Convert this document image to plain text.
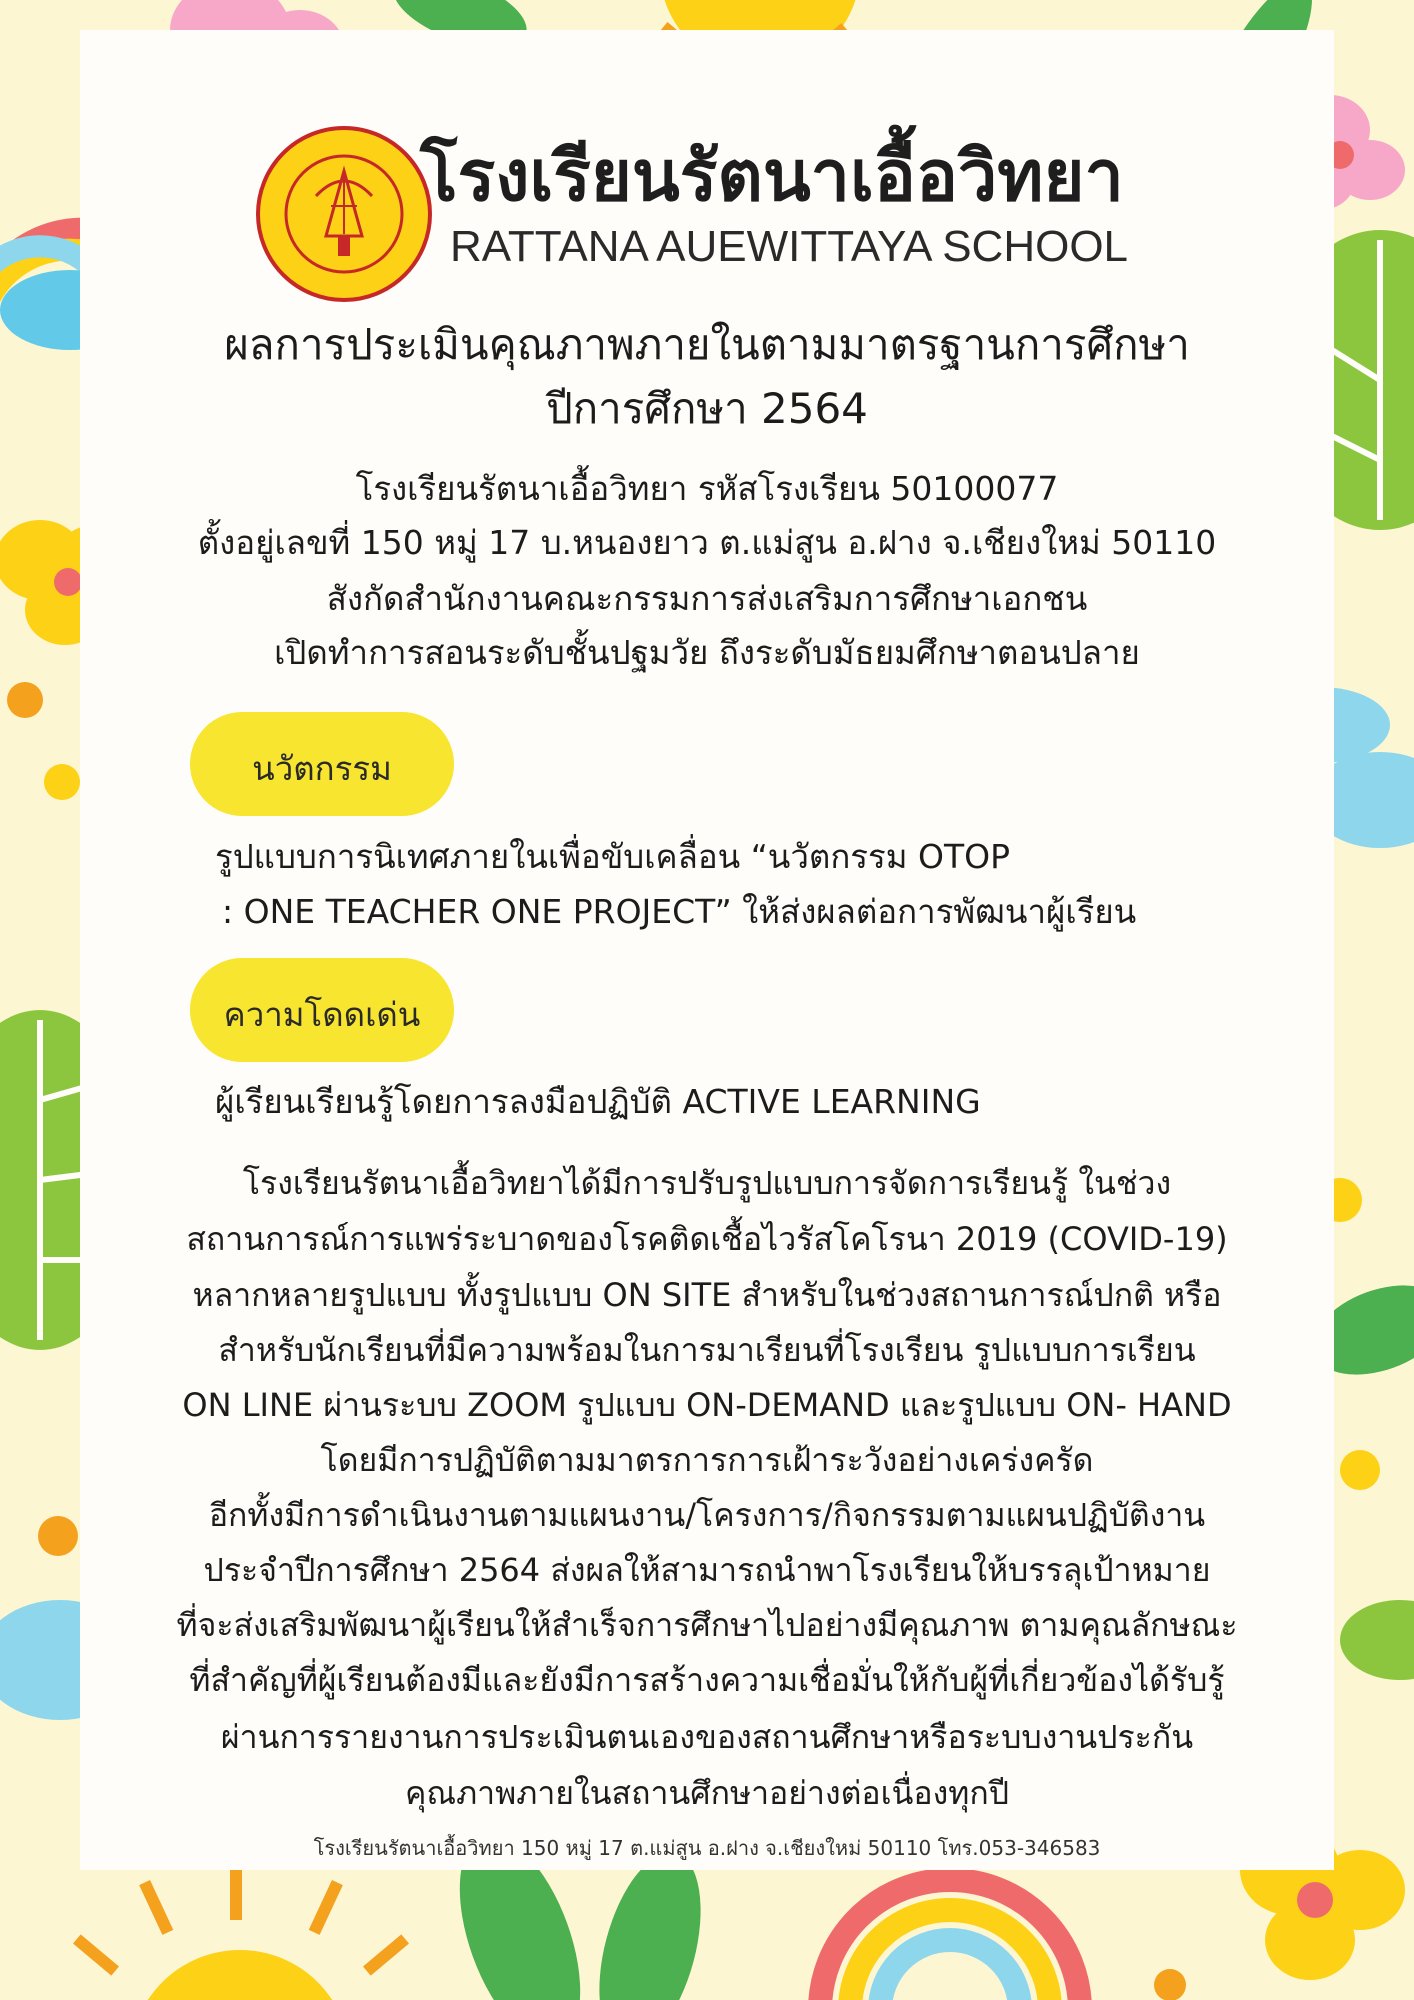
โรงเรียนรัตนาเอื้อวิทยา
RATTANA AUEWITTAYA SCHOOL
ผลการประเมินคุณภาพภายในตามมาตรฐานการศึกษา
ปีการศึกษา 2564
โรงเรียนรัตนาเอื้อวิทยา รหัสโรงเรียน 50100077
ตั้งอยู่เลขที่ 150 หมู่ 17 บ.หนองยาว ต.แม่สูน อ.ฝาง จ.เชียงใหม่ 50110
สังกัดสำนักงานคณะกรรมการส่งเสริมการศึกษาเอกชน
เปิดทำการสอนระดับชั้นปฐมวัย ถึงระดับมัธยมศึกษาตอนปลาย
นวัตกรรม
รูปแบบการนิเทศภายในเพื่อขับเคลื่อน “นวัตกรรม OTOP
: ONE TEACHER ONE PROJECT” ให้ส่งผลต่อการพัฒนาผู้เรียน
ความโดดเด่น
ผู้เรียนเรียนรู้โดยการลงมือปฏิบัติ ACTIVE LEARNING
โรงเรียนรัตนาเอื้อวิทยาได้มีการปรับรูปแบบการจัดการเรียนรู้ ในช่วง
สถานการณ์การแพร่ระบาดของโรคติดเชื้อไวรัสโคโรนา 2019 (COVID-19)
หลากหลายรูปแบบ ทั้งรูปแบบ ON SITE สำหรับในช่วงสถานการณ์ปกติ หรือ
สำหรับนักเรียนที่มีความพร้อมในการมาเรียนที่โรงเรียน รูปแบบการเรียน
ON LINE ผ่านระบบ ZOOM รูปแบบ ON-DEMAND และรูปแบบ ON- HAND
โดยมีการปฏิบัติตามมาตรการการเฝ้าระวังอย่างเคร่งครัด
อีกทั้งมีการดำเนินงานตามแผนงาน/โครงการ/กิจกรรมตามแผนปฏิบัติงาน
ประจำปีการศึกษา 2564 ส่งผลให้สามารถนำพาโรงเรียนให้บรรลุเป้าหมาย
ที่จะส่งเสริมพัฒนาผู้เรียนให้สำเร็จการศึกษาไปอย่างมีคุณภาพ ตามคุณลักษณะ
ที่สำคัญที่ผู้เรียนต้องมีและยังมีการสร้างความเชื่อมั่นให้กับผู้ที่เกี่ยวข้องได้รับรู้
ผ่านการรายงานการประเมินตนเองของสถานศึกษาหรือระบบงานประกัน
คุณภาพภายในสถานศึกษาอย่างต่อเนื่องทุกปี
โรงเรียนรัตนาเอื้อวิทยา 150 หมู่ 17 ต.แม่สูน อ.ฝาง จ.เชียงใหม่ 50110 โทร.053-346583
